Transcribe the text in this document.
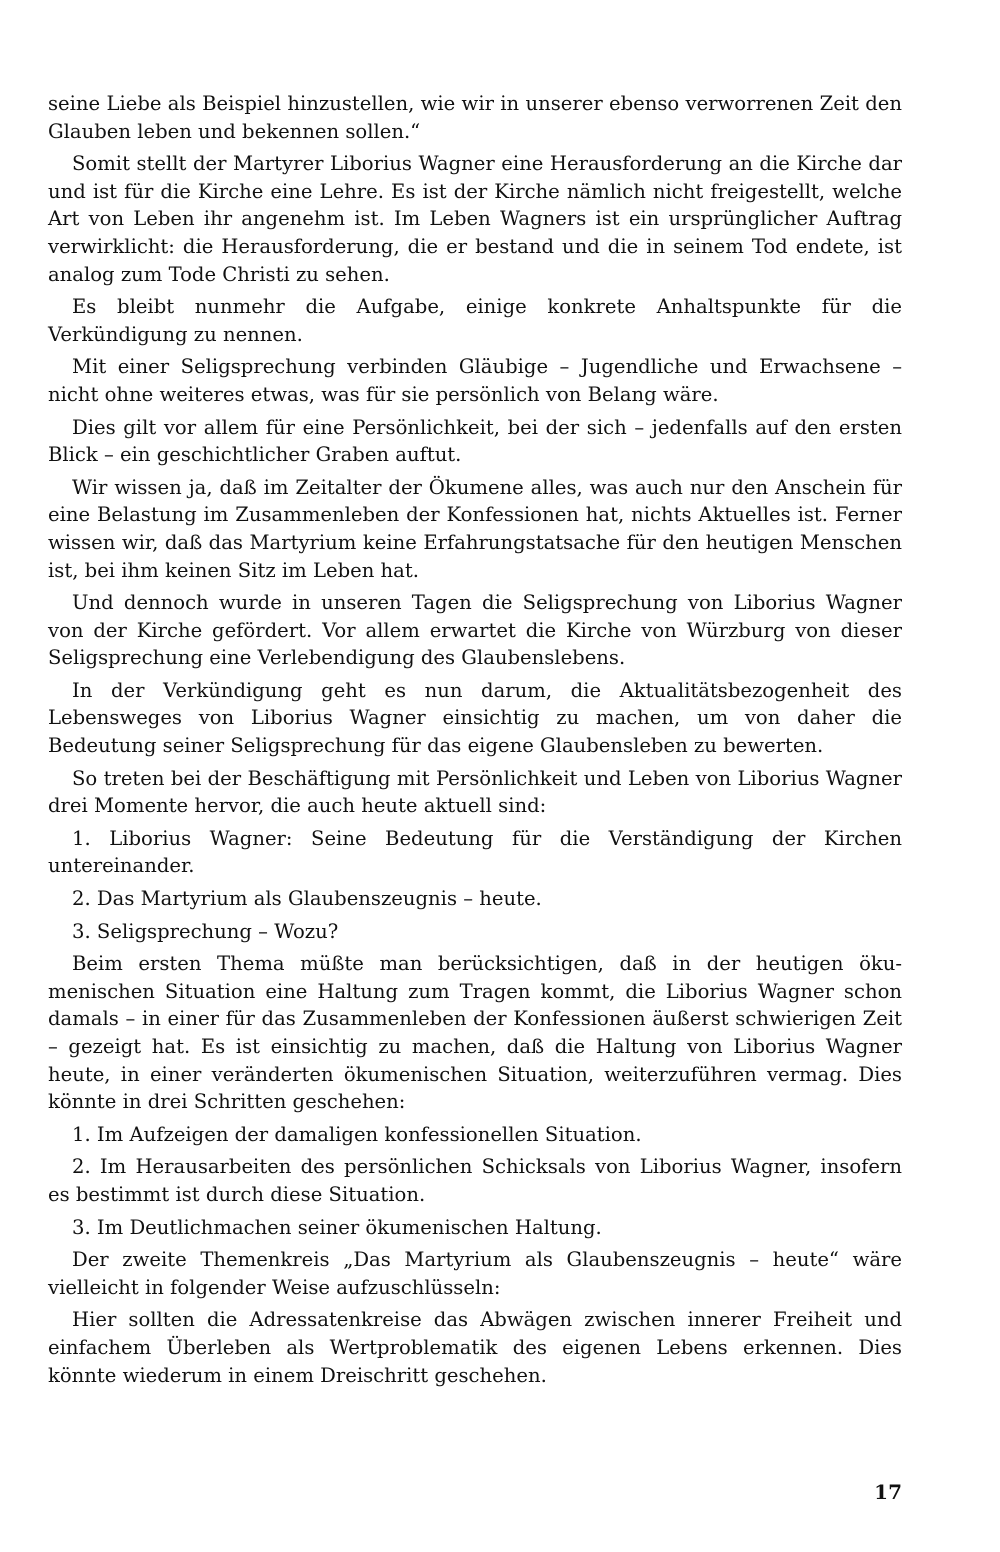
seine Liebe als Beispiel hinzustellen, wie wir in unserer ebenso verworrenen Zeit den Glauben leben und bekennen sollen.“

Somit stellt der Martyrer Liborius Wagner eine Herausforderung an die Kirche dar und ist für die Kirche eine Lehre. Es ist der Kirche nämlich nicht freigestellt, welche Art von Leben ihr angenehm ist. Im Leben Wagners ist ein ursprünglicher Auftrag verwirklicht: die Herausforderung, die er bestand und die in seinem Tod endete, ist analog zum Tode Christi zu sehen.

Es bleibt nunmehr die Aufgabe, einige konkrete Anhaltspunkte für die Verkündigung zu nennen.

Mit einer Seligsprechung verbinden Gläubige – Jugendliche und Erwachsene – nicht ohne weiteres etwas, was für sie persönlich von Belang wäre.

Dies gilt vor allem für eine Persönlichkeit, bei der sich – jedenfalls auf den ersten Blick – ein geschichtlicher Graben auftut.

Wir wissen ja, daß im Zeitalter der Ökumene alles, was auch nur den Anschein für eine Belastung im Zusammenleben der Konfessionen hat, nichts Aktuelles ist. Ferner wissen wir, daß das Martyrium keine Erfahrungstatsache für den heutigen Menschen ist, bei ihm keinen Sitz im Leben hat.

Und dennoch wurde in unseren Tagen die Seligsprechung von Liborius Wagner von der Kirche gefördert. Vor allem erwartet die Kirche von Würzburg von dieser Seligsprechung eine Verlebendigung des Glaubenslebens.

In der Verkündigung geht es nun darum, die Aktualitätsbezogenheit des Lebensweges von Liborius Wagner einsichtig zu machen, um von daher die Bedeutung seiner Seligsprechung für das eigene Glaubensleben zu bewerten.

So treten bei der Beschäftigung mit Persönlichkeit und Leben von Liborius Wagner drei Momente hervor, die auch heute aktuell sind:

1. Liborius Wagner: Seine Bedeutung für die Verständigung der Kirchen untereinander.

2. Das Martyrium als Glaubenszeugnis – heute.

3. Seligsprechung – Wozu?

Beim ersten Thema müßte man berücksichtigen, daß in der heutigen ökumenischen Situation eine Haltung zum Tragen kommt, die Liborius Wagner schon damals – in einer für das Zusammenleben der Konfessionen äußerst schwierigen Zeit – gezeigt hat. Es ist einsichtig zu machen, daß die Haltung von Liborius Wagner heute, in einer veränderten ökumenischen Situation, weiterzuführen vermag. Dies könnte in drei Schritten geschehen:

1. Im Aufzeigen der damaligen konfessionellen Situation.

2. Im Herausarbeiten des persönlichen Schicksals von Liborius Wagner, insofern es bestimmt ist durch diese Situation.

3. Im Deutlichmachen seiner ökumenischen Haltung.

Der zweite Themenkreis „Das Martyrium als Glaubenszeugnis – heute“ wäre vielleicht in folgender Weise aufzuschlüsseln:

Hier sollten die Adressatenkreise das Abwägen zwischen innerer Freiheit und einfachem Überleben als Wertproblematik des eigenen Lebens erkennen. Dies könnte wiederum in einem Dreischritt geschehen.

17
